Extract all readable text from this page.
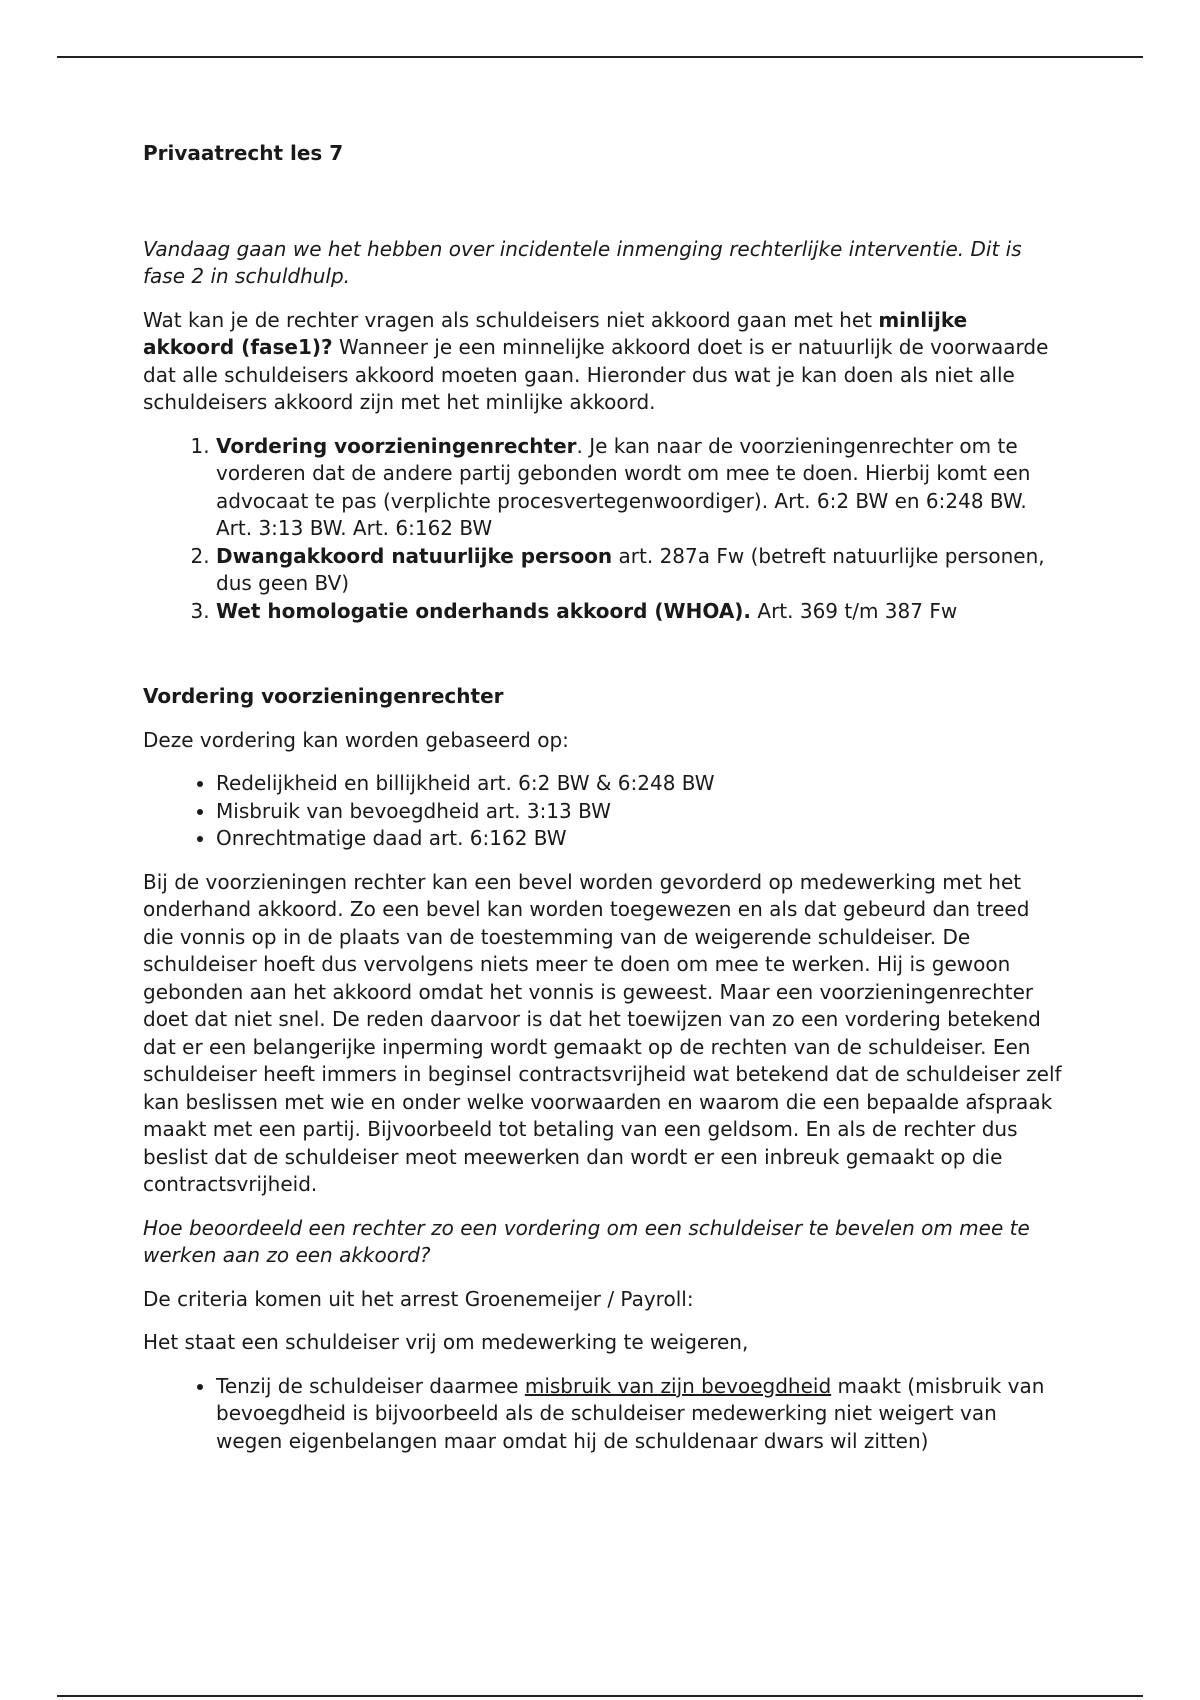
Privaatrecht les 7

Vandaag gaan we het hebben over incidentele inmenging rechterlijke interventie. Dit is fase 2 in schuldhulp.

Wat kan je de rechter vragen als schuldeisers niet akkoord gaan met het minlijke akkoord (fase1)? Wanneer je een minnelijke akkoord doet is er natuurlijk de voorwaarde dat alle schuldeisers akkoord moeten gaan. Hieronder dus wat je kan doen als niet alle schuldeisers akkoord zijn met het minlijke akkoord.

1. Vordering voorzieningenrechter. Je kan naar de voorzieningenrechter om te vorderen dat de andere partij gebonden wordt om mee te doen. Hierbij komt een advocaat te pas (verplichte procesvertegenwoordiger). Art. 6:2 BW en 6:248 BW. Art. 3:13 BW. Art. 6:162 BW
2. Dwangakkoord natuurlijke persoon art. 287a Fw (betreft natuurlijke personen, dus geen BV)
3. Wet homologatie onderhands akkoord (WHOA). Art. 369 t/m 387 Fw
Vordering voorzieningenrechter

Deze vordering kan worden gebaseerd op:

• Redelijkheid en billijkheid art. 6:2 BW & 6:248 BW
• Misbruik van bevoegdheid art. 3:13 BW
• Onrechtmatige daad art. 6:162 BW

Bij de voorzieningen rechter kan een bevel worden gevorderd op medewerking met het onderhand akkoord. Zo een bevel kan worden toegewezen en als dat gebeurd dan treed die vonnis op in de plaats van de toestemming van de weigerende schuldeiser. De schuldeiser hoeft dus vervolgens niets meer te doen om mee te werken. Hij is gewoon gebonden aan het akkoord omdat het vonnis is geweest. Maar een voorzieningenrechter doet dat niet snel. De reden daarvoor is dat het toewijzen van zo een vordering betekend dat er een belangerijke inperming wordt gemaakt op de rechten van de schuldeiser. Een schuldeiser heeft immers in beginsel contractsvrijheid wat betekend dat de schuldeiser zelf kan beslissen met wie en onder welke voorwaarden en waarom die een bepaalde afspraak maakt met een partij. Bijvoorbeeld tot betaling van een geldsom. En als de rechter dus beslist dat de schuldeiser meot meewerken dan wordt er een inbreuk gemaakt op die contractsvrijheid.

Hoe beoordeeld een rechter zo een vordering om een schuldeiser te bevelen om mee te werken aan zo een akkoord?

De criteria komen uit het arrest Groenemeijer / Payroll:

Het staat een schuldeiser vrij om medewerking te weigeren,

• Tenzij de schuldeiser daarmee misbruik van zijn bevoegdheid maakt (misbruik van bevoegdheid is bijvoorbeeld als de schuldeiser medewerking niet weigert van wegen eigenbelangen maar omdat hij de schuldenaar dwars wil zitten)
